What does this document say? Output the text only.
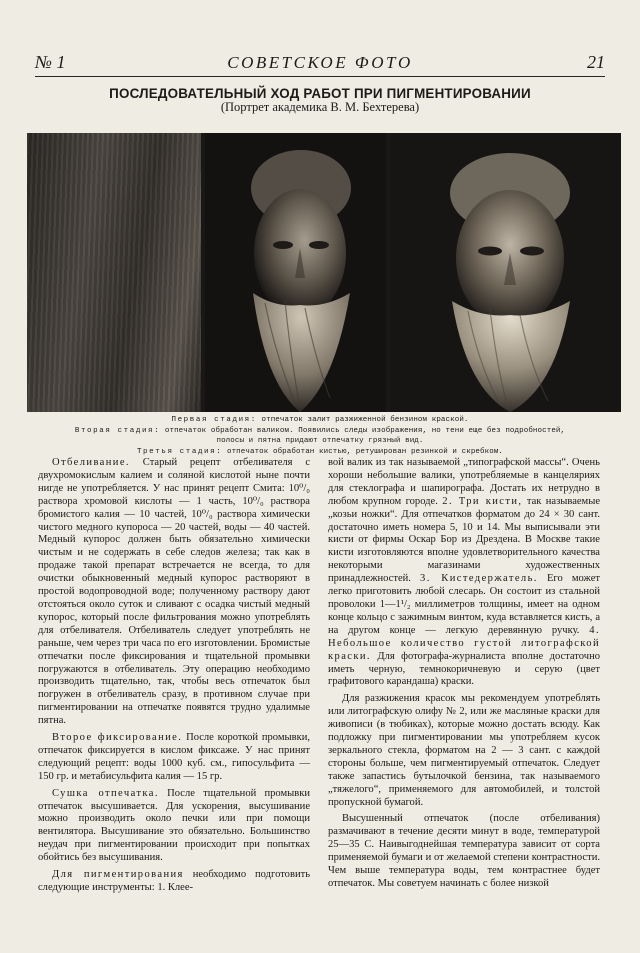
№ 1	СОВЕТСКОЕ ФОТО	21
ПОСЛЕДОВАТЕЛЬНЫЙ ХОД РАБОТ ПРИ ПИГМЕНТИРОВАНИИ
(Портрет академика В. М. Бехтерева)
Первая стадия: отпечаток залит разжиженной бензином краской.
Вторая стадия: отпечаток обработан валиком. Появились следы изображения, но тени еще без подробностей,
полосы и пятна придают отпечатку грязный вид.
Третья стадия: отпечаток обработан кистью, ретуширован резинкой и скребком.

Отбеливание. Старый рецепт отбеливателя с двухромокислым калием и соляной кислотой ныне почти нигде не употребляется. У нас принят рецепт Смита: 10⁰/₀ раствора хромовой кислоты — 1 часть, 10⁰/₀ раствора бромистого калия — 10 частей, 10⁰/₀ раствора химически чистого медного купороса — 20 частей, воды — 40 частей. Медный купорос должен быть обязательно химически чистым и не содержать в себе следов железа; так как в продаже такой препарат встречается не всегда, то для очистки обыкновенный медный купорос растворяют в простой водопроводной воде; полученному раствору дают отстояться около суток и сливают с осадка чистый медный купорос, который после фильтрования можно употреблять для отбеливателя. Отбеливатель следует употреблять не раньше, чем через три часа по его изготовлении. Бромистые отпечатки после фиксирования и тщательной промывки погружаются в отбеливатель. Эту операцию необходимо производить тщательно, так, чтобы весь отпечаток был погружен в отбеливатель сразу, в противном случае при пигментировании на отпечатке появятся трудно удалимые пятна.

Второе фиксирование. После короткой промывки, отпечаток фиксируется в кислом фиксаже. У нас принят следующий рецепт: воды 1000 куб. см., гипосульфита — 150 гр. и метабисульфита калия — 15 гр.

Сушка отпечатка. После тщательной промывки отпечаток высушивается. Для ускорения, высушивание можно производить около печки или при помощи вентилятора. Высушивание это обязательно. Большинство неудач при пигментировании происходит при попытках обойтись без высушивания.

Для пигментирования необходимо подготовить следующие инструменты: 1. Клее-

вой валик из так называемой „типографской массы“. Очень хороши небольшие валики, употребляемые в канцеляриях для стеклографа и шапирографа. Достать их нетрудно в любом крупном городе. 2. Три кисти, так называемые „козьи ножки“. Для отпечатков форматом до 24 × 30 сант. достаточно иметь номера 5, 10 и 14. Мы выписывали эти кисти от фирмы Оскар Бор из Дрездена. В Москве такие кисти изготовляются вполне удовлетворительного качества некоторыми магазинами художественных принадлежностей. 3. Кистедержатель. Его может легко приготовить любой слесарь. Он состоит из стальной проволоки 1—1¹/₂ миллиметров толщины, имеет на одном конце кольцо с зажимным винтом, куда вставляется кисть, а на другом конце — легкую деревянную ручку. 4. Небольшое количество густой литографской краски. Для фотографа-журналиста вполне достаточно иметь черную, темнокоричневую и серую (цвет графитового карандаша) краски.

Для разжижения красок мы рекомендуем употреблять или литографскую олифу № 2, или же масляные краски для живописи (в тюбиках), которые можно достать всюду. Как подложку при пигментировании мы употребляем кусок зеркального стекла, форматом на 2 — 3 сант. с каждой стороны больше, чем пигментируемый отпечаток. Следует также запастись бутылочкой бензина, так называемого „тяжелого“, применяемого для автомобилей, и толстой пропускной бумагой.

Высушенный отпечаток (после отбеливания) размачивают в течение десяти минут в воде, температурой 25—35 С. Наивыгоднейшая температура зависит от сорта применяемой бумаги и от желаемой степени контрастности. Чем выше температура воды, тем контрастнее будет отпечаток. Мы советуем начинать с более низкой
